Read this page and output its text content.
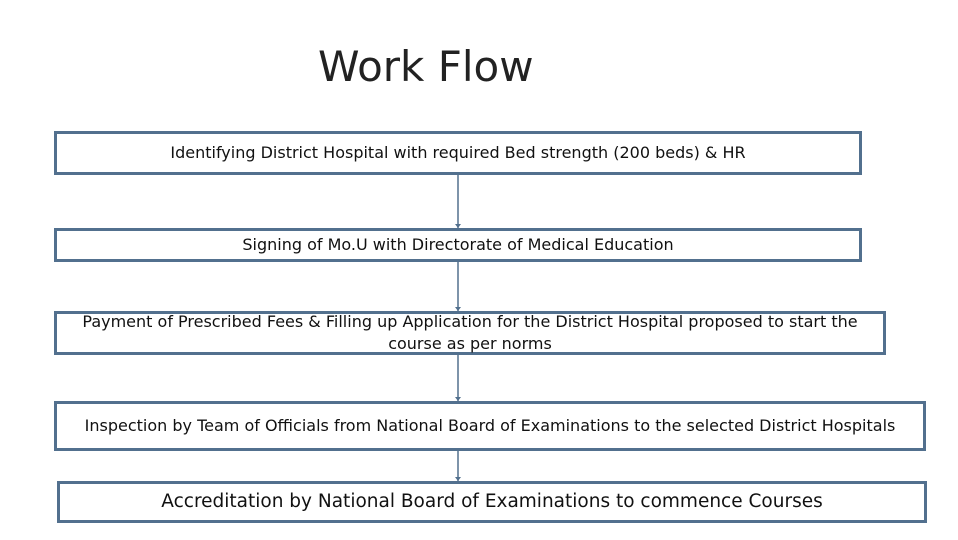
Work Flow
Identifying District Hospital with required Bed strength (200 beds) & HR
Signing of Mo.U with Directorate of Medical Education
Payment of Prescribed Fees & Filling up Application for the District Hospital proposed to start the course as per norms
Inspection by Team of Officials from National Board of Examinations to the selected District Hospitals
Accreditation by National Board of Examinations to commence Courses
